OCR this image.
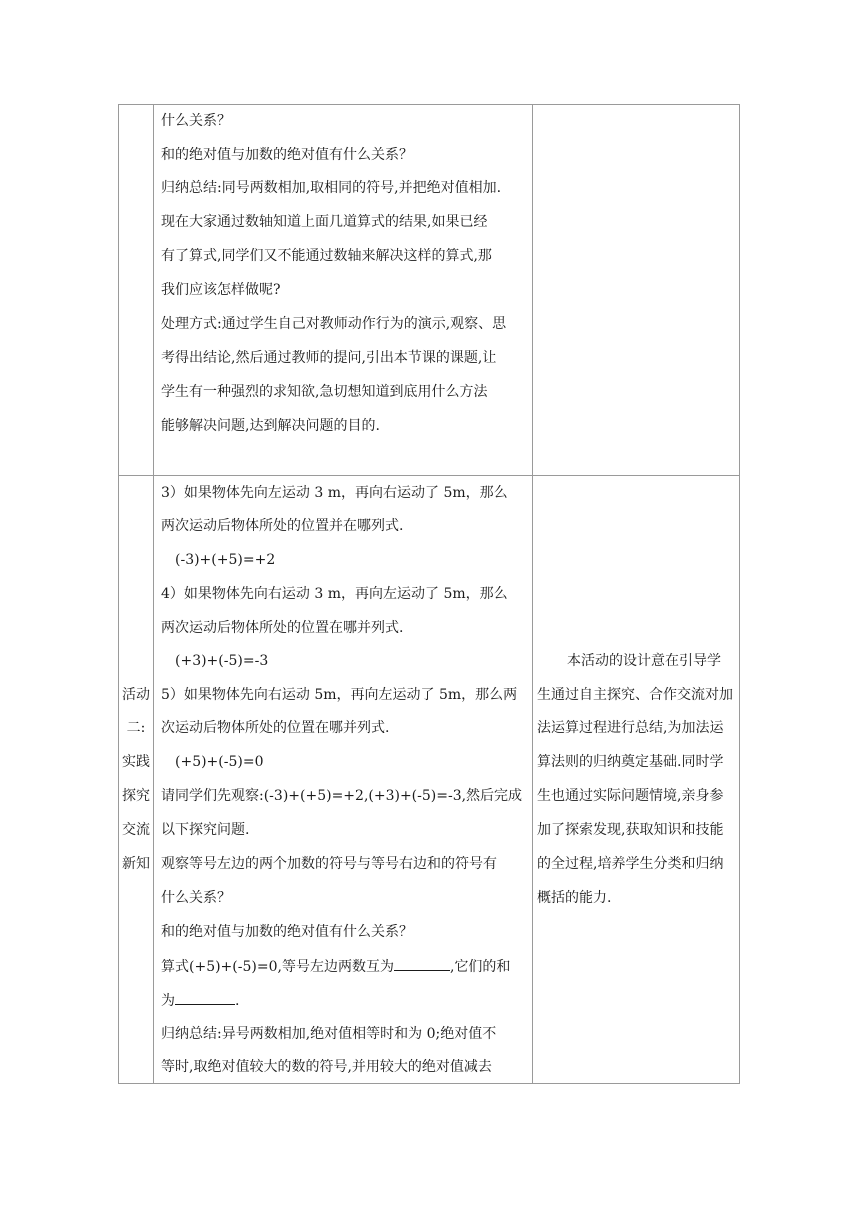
什么关系？
和的绝对值与加数的绝对值有什么关系？
归纳总结:同号两数相加,取相同的符号,并把绝对值相加.
现在大家通过数轴知道上面几道算式的结果,如果已经
有了算式,同学们又不能通过数轴来解决这样的算式,那
我们应该怎样做呢?
处理方式:通过学生自己对教师动作行为的演示,观察、思
考得出结论,然后通过教师的提问,引出本节课的课题,让
学生有一种强烈的求知欲,急切想知道到底用什么方法
能够解决问题,达到解决问题的目的.
活动
二:
实践
探究
交流
新知
3）如果物体先向左运动 3 m，再向右运动了 5m，那么
两次运动后物体所处的位置并在哪列式.
(-3)+(+5)=+2
4）如果物体先向右运动 3 m，再向左运动了 5m，那么
两次运动后物体所处的位置在哪并列式.
(+3)+(-5)=-3
5）如果物体先向右运动 5m，再向左运动了 5m，那么两
次运动后物体所处的位置在哪并列式.
(+5)+(-5)=0
请同学们先观察:(-3)+(+5)=+2,(+3)+(-5)=-3,然后完成
以下探究问题.
观察等号左边的两个加数的符号与等号右边和的符号有
什么关系？
和的绝对值与加数的绝对值有什么关系？
算式(+5)+(-5)=0,等号左边两数互为	,它们的和
为	.
归纳总结:异号两数相加,绝对值相等时和为 0;绝对值不
等时,取绝对值较大的数的符号,并用较大的绝对值减去
本活动的设计意在引导学
生通过自主探究、合作交流对加
法运算过程进行总结,为加法运
算法则的归纳奠定基础.同时学
生也通过实际问题情境,亲身参
加了探索发现,获取知识和技能
的全过程,培养学生分类和归纳
概括的能力.
